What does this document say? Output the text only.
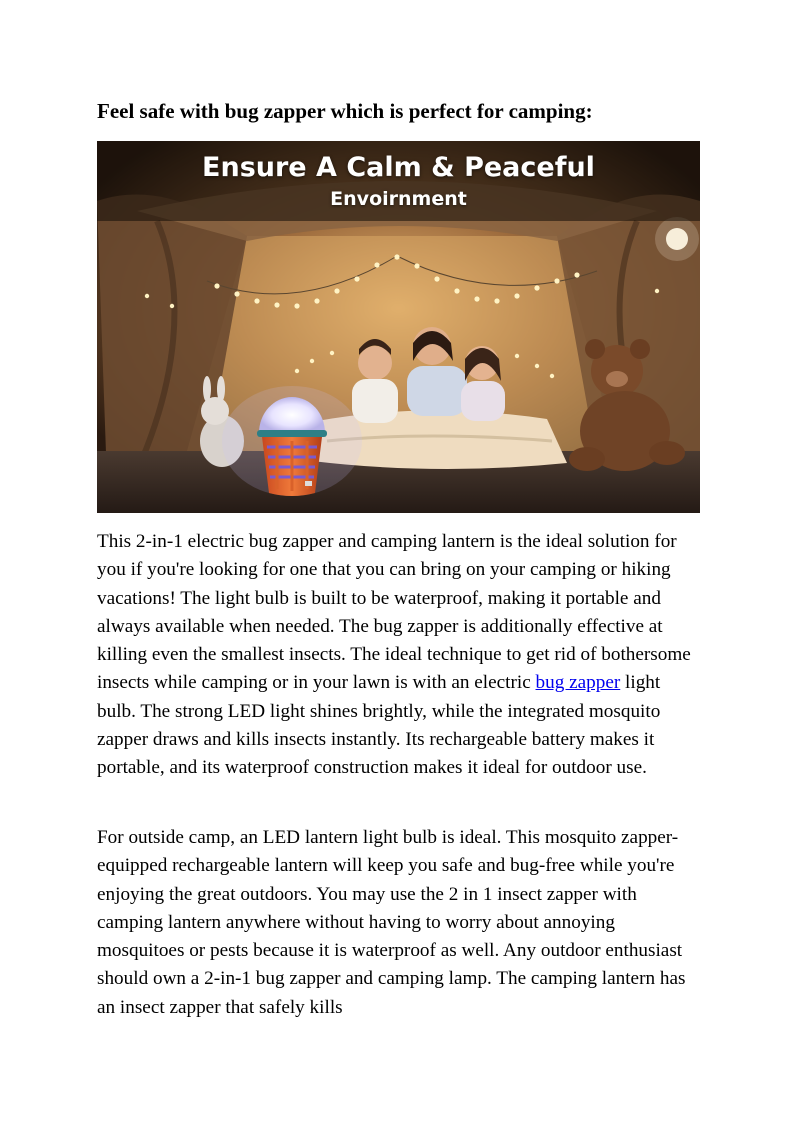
Feel safe with bug zapper which is perfect for camping:
Ensure A Calm & Peaceful
Envoirnment

This 2-in-1 electric bug zapper and camping lantern is the ideal solution for you if you're looking for one that you can bring on your camping or hiking vacations! The light bulb is built to be waterproof, making it portable and always available when needed. The bug zapper is additionally effective at killing even the smallest insects. The ideal technique to get rid of bothersome insects while camping or in your lawn is with an electric bug zapper light bulb. The strong LED light shines brightly, while the integrated mosquito zapper draws and kills insects instantly. Its rechargeable battery makes it portable, and its waterproof construction makes it ideal for outdoor use.

For outside camp, an LED lantern light bulb is ideal. This mosquito zapper-equipped rechargeable lantern will keep you safe and bug-free while you're enjoying the great outdoors. You may use the 2 in 1 insect zapper with camping lantern anywhere without having to worry about annoying mosquitoes or pests because it is waterproof as well. Any outdoor enthusiast should own a 2-in-1 bug zapper and camping lamp. The camping lantern has an insect zapper that safely kills
